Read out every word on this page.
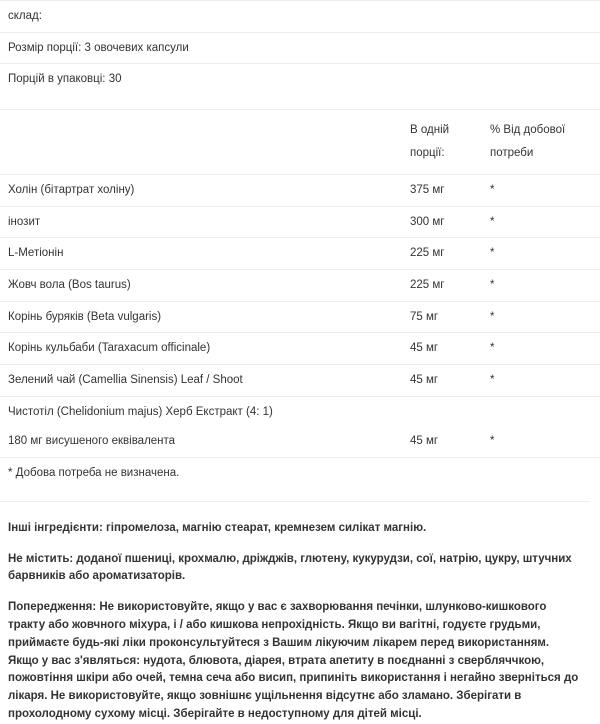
склад:		
Розмір порції: 3 овочевих капсули		
Порцій в упаковці: 30		

	В одній
порції:	% Від добової
потреби

Холін (бітартрат холіну)	375 мг	*
інозит	300 мг	*
L-Метіонін	225 мг	*
Жовч вола (Bos taurus)	225 мг	*
Корінь буряків (Beta vulgaris)	75 мг	*
Корінь кульбаби (Taraxacum officinale)	45 мг	*
Зелений чай (Camellia Sinensis) Leaf / Shoot	45 мг	*
Чистотіл (Chelidonium majus) Херб Екстракт (4: 1)		
180 мг висушеного еквівалента	45 мг	*
* Добова потреба не визначена.		

Інші інгредієнти: гіпромелоза, магнію стеарат, кремнезем силікат магнію.

Не містить: доданої пшениці, крохмалю, дріжджів, глютену, кукурудзи, сої, натрію, цукру, штучних барвників або ароматизаторів.

Попередження: Не використовуйте, якщо у вас є захворювання печінки, шлунково-кишкового тракту або жовчного міхура, і / або кишкова непрохідність. Якщо ви вагітні, годуєте грудьми, приймаєте будь-які ліки проконсультуйтеся з Вашим лікуючим лікарем перед використанням. Якщо у вас з'являться: нудота, блювота, діарея, втрата апетиту в поєднанні з свербляччкою, пожовтіння шкіри або очей, темна сеча або висип, припиніть використання і негайно зверніться до лікаря. Не використовуйте, якщо зовнішнє ущільнення відсутнє або зламано. Зберігати в прохолодному сухому місці. Зберігайте в недоступному для дітей місці.
